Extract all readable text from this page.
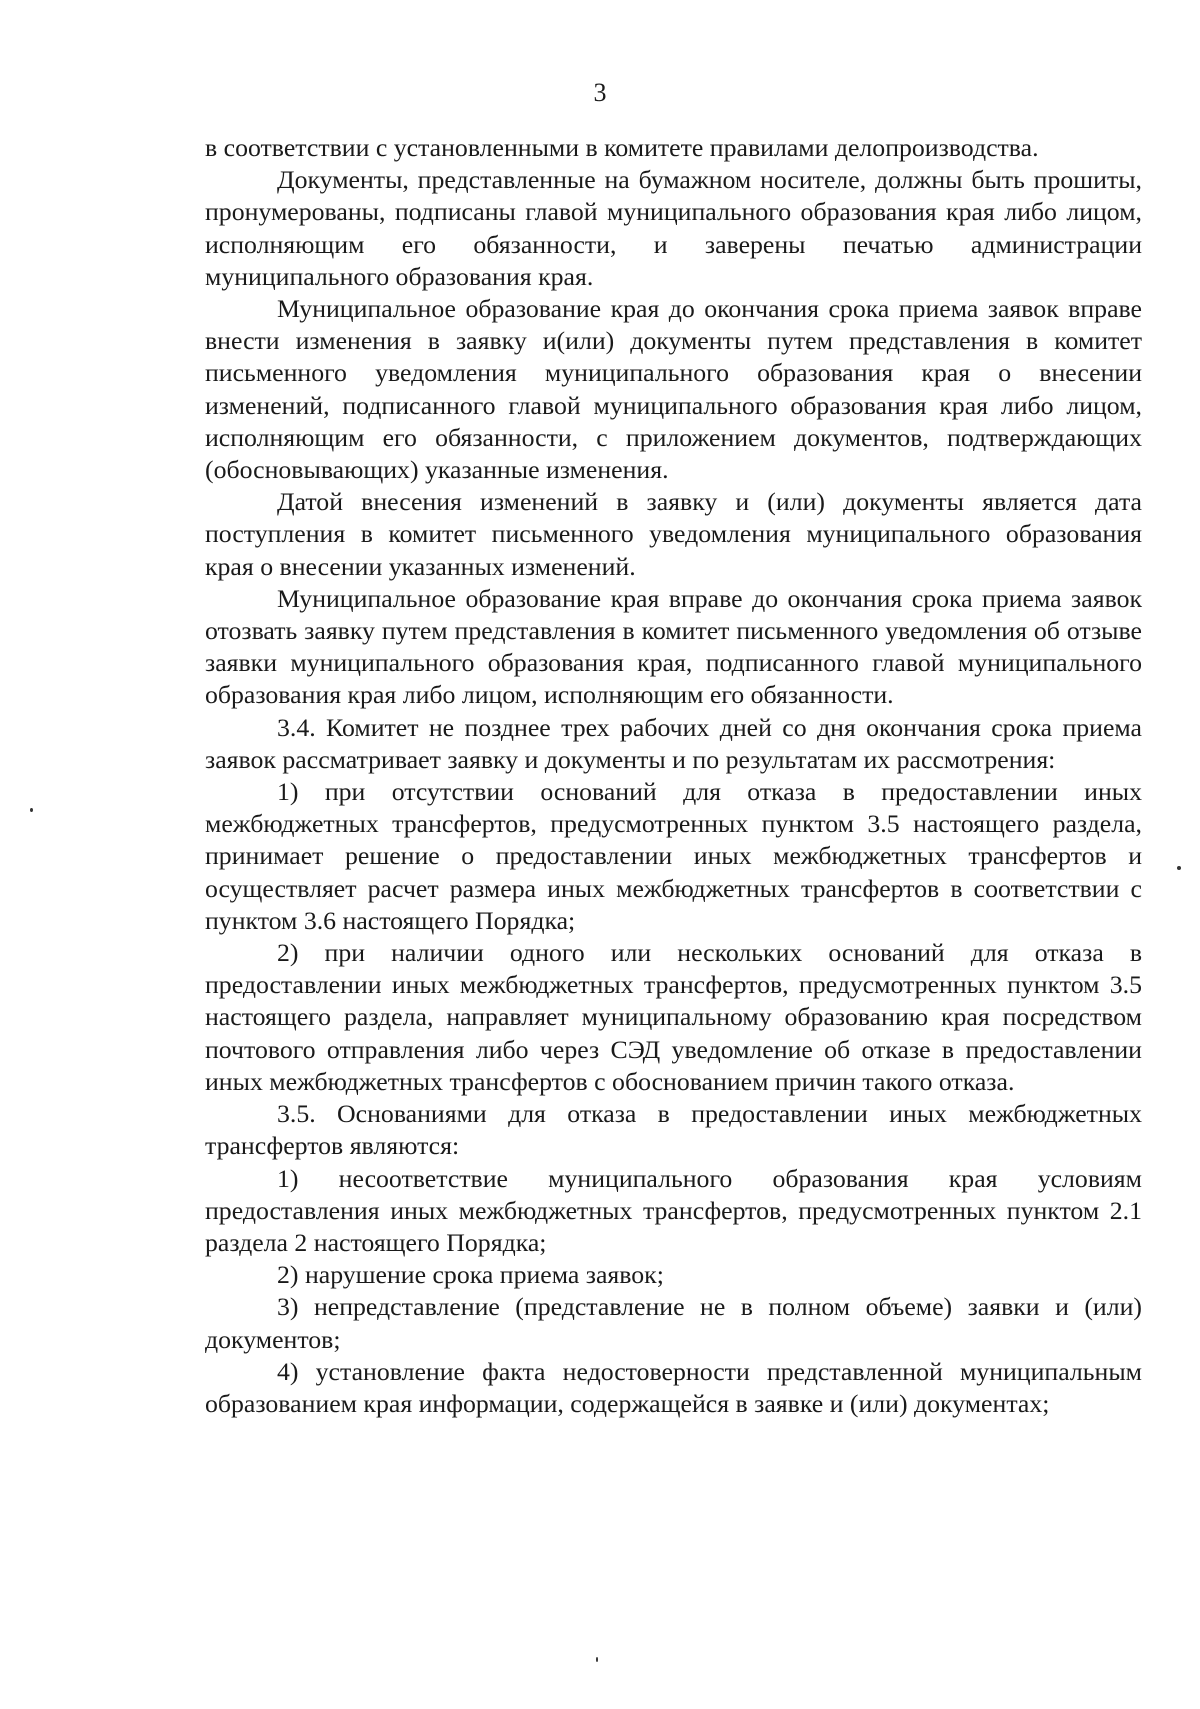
3

в соответствии с установленными в комитете правилами делопроизводства.

Документы, представленные на бумажном носителе, должны быть прошиты, пронумерованы, подписаны главой муниципального образования края либо лицом, исполняющим его обязанности, и заверены печатью администрации муниципального образования края.

Муниципальное образование края до окончания срока приема заявок вправе внести изменения в заявку и(или) документы путем представления в комитет письменного уведомления муниципального образования края о внесении изменений, подписанного главой муниципального образования края либо лицом, исполняющим его обязанности, с приложением документов, подтверждающих (обосновывающих) указанные изменения.

Датой внесения изменений в заявку и (или) документы является дата поступления в комитет письменного уведомления муниципального образования края о внесении указанных изменений.

Муниципальное образование края вправе до окончания срока приема заявок отозвать заявку путем представления в комитет письменного уведомления об отзыве заявки муниципального образования края, подписанного главой муниципального образования края либо лицом, исполняющим его обязанности.

3.4. Комитет не позднее трех рабочих дней со дня окончания срока приема заявок рассматривает заявку и документы и по результатам их рассмотрения:

1) при отсутствии оснований для отказа в предоставлении иных межбюджетных трансфертов, предусмотренных пунктом 3.5 настоящего раздела, принимает решение о предоставлении иных межбюджетных трансфертов и осуществляет расчет размера иных межбюджетных трансфертов в соответствии с пунктом 3.6 настоящего Порядка;

2) при наличии одного или нескольких оснований для отказа в предоставлении иных межбюджетных трансфертов, предусмотренных пунктом 3.5 настоящего раздела, направляет муниципальному образованию края посредством почтового отправления либо через СЭД уведомление об отказе в предоставлении иных межбюджетных трансфертов с обоснованием причин такого отказа.

3.5. Основаниями для отказа в предоставлении иных межбюджетных трансфертов являются:

1) несоответствие муниципального образования края условиям предоставления иных межбюджетных трансфертов, предусмотренных пунктом 2.1 раздела 2 настоящего Порядка;

2) нарушение срока приема заявок;

3) непредставление (представление не в полном объеме) заявки и (или) документов;

4) установление факта недостоверности представленной муниципальным образованием края информации, содержащейся в заявке и (или) документах;
